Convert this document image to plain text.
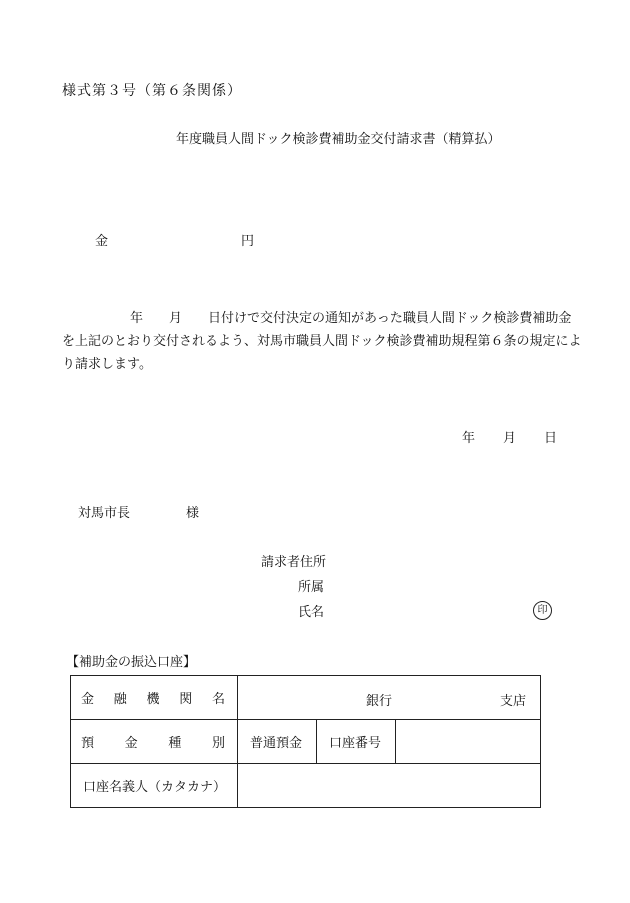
様式第３号（第６条関係）
年度職員人間ドック検診費補助金交付請求書（精算払）
金	円
年 月 日付けで交付決定の通知があった職員人間ドック検診費補助金を上記のとおり交付されるよう、対馬市職員人間ドック検診費補助規程第６条の規定により請求します。
年 月 日
対馬市長	様
請求者住所
所属
氏名	印
【補助金の振込口座】
金 融 機 関 名	銀行 支店		

預 金 種 別	普通預金	口座番号	
口座名義人（カタカナ）			
